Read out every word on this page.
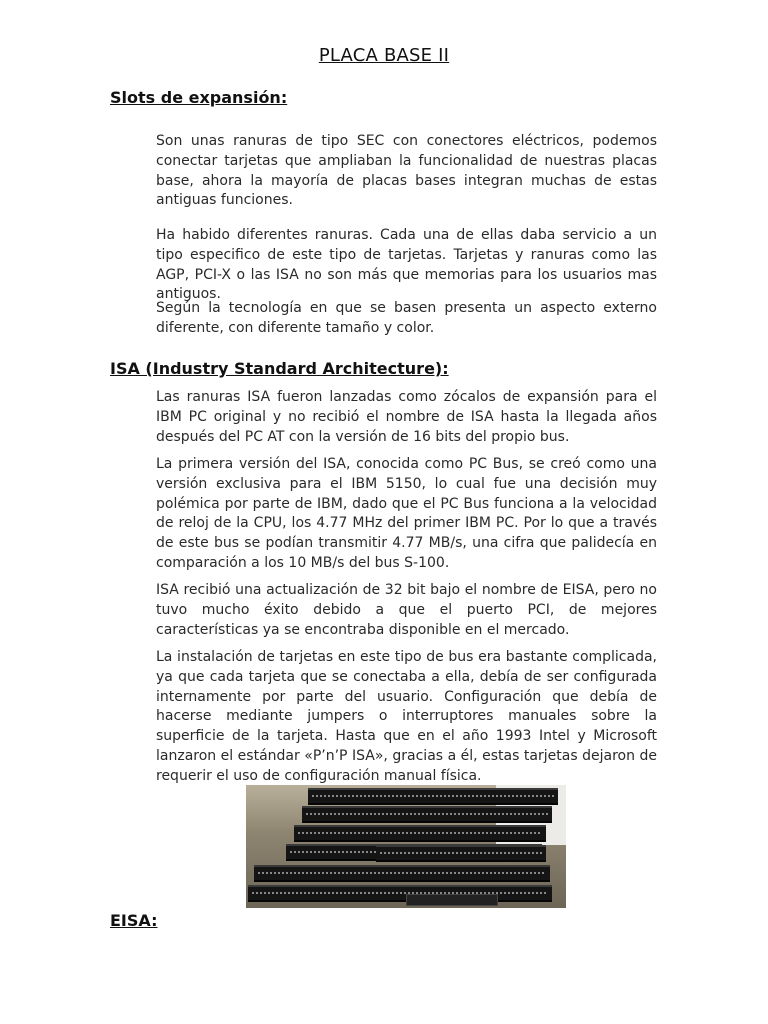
PLACA BASE II
Slots de expansión:

Son unas ranuras de tipo SEC con conectores eléctricos, podemos conectar tarjetas que ampliaban la funcionalidad de nuestras placas base, ahora la mayoría de placas bases integran muchas de estas antiguas funciones.

Ha habido diferentes ranuras. Cada una de ellas daba servicio a un tipo especifico de este tipo de tarjetas. Tarjetas y ranuras como las AGP, PCI-X o las ISA no son más que memorias para los usuarios mas antiguos.

Según la tecnología en que se basen presenta un aspecto externo diferente, con diferente tamaño y color.

ISA (Industry Standard Architecture):

Las ranuras ISA fueron lanzadas como zócalos de expansión para el IBM PC original y no recibió el nombre de ISA hasta la llegada años después del PC AT con la versión de 16 bits del propio bus.

La primera versión del ISA, conocida como PC Bus, se creó como una versión exclusiva para el IBM 5150, lo cual fue una decisión muy polémica por parte de IBM, dado que el PC Bus funciona a la velocidad de reloj de la CPU, los 4.77 MHz del primer IBM PC. Por lo que a través de este bus se podían transmitir 4.77 MB/s, una cifra que palidecía en comparación a los 10 MB/s del bus S-100.

ISA recibió una actualización de 32 bit bajo el nombre de EISA, pero no tuvo mucho éxito debido a que el puerto PCI, de mejores características ya se encontraba disponible en el mercado.

La instalación de tarjetas en este tipo de bus era bastante complicada, ya que cada tarjeta que se conectaba a ella, debía de ser configurada internamente por parte del usuario. Configuración que debía de hacerse mediante jumpers o interruptores manuales sobre la superficie de la tarjeta. Hasta que en el año 1993 Intel y Microsoft lanzaron el estándar «P’n’P ISA», gracias a él, estas tarjetas dejaron de requerir el uso de configuración manual física.

EISA:
